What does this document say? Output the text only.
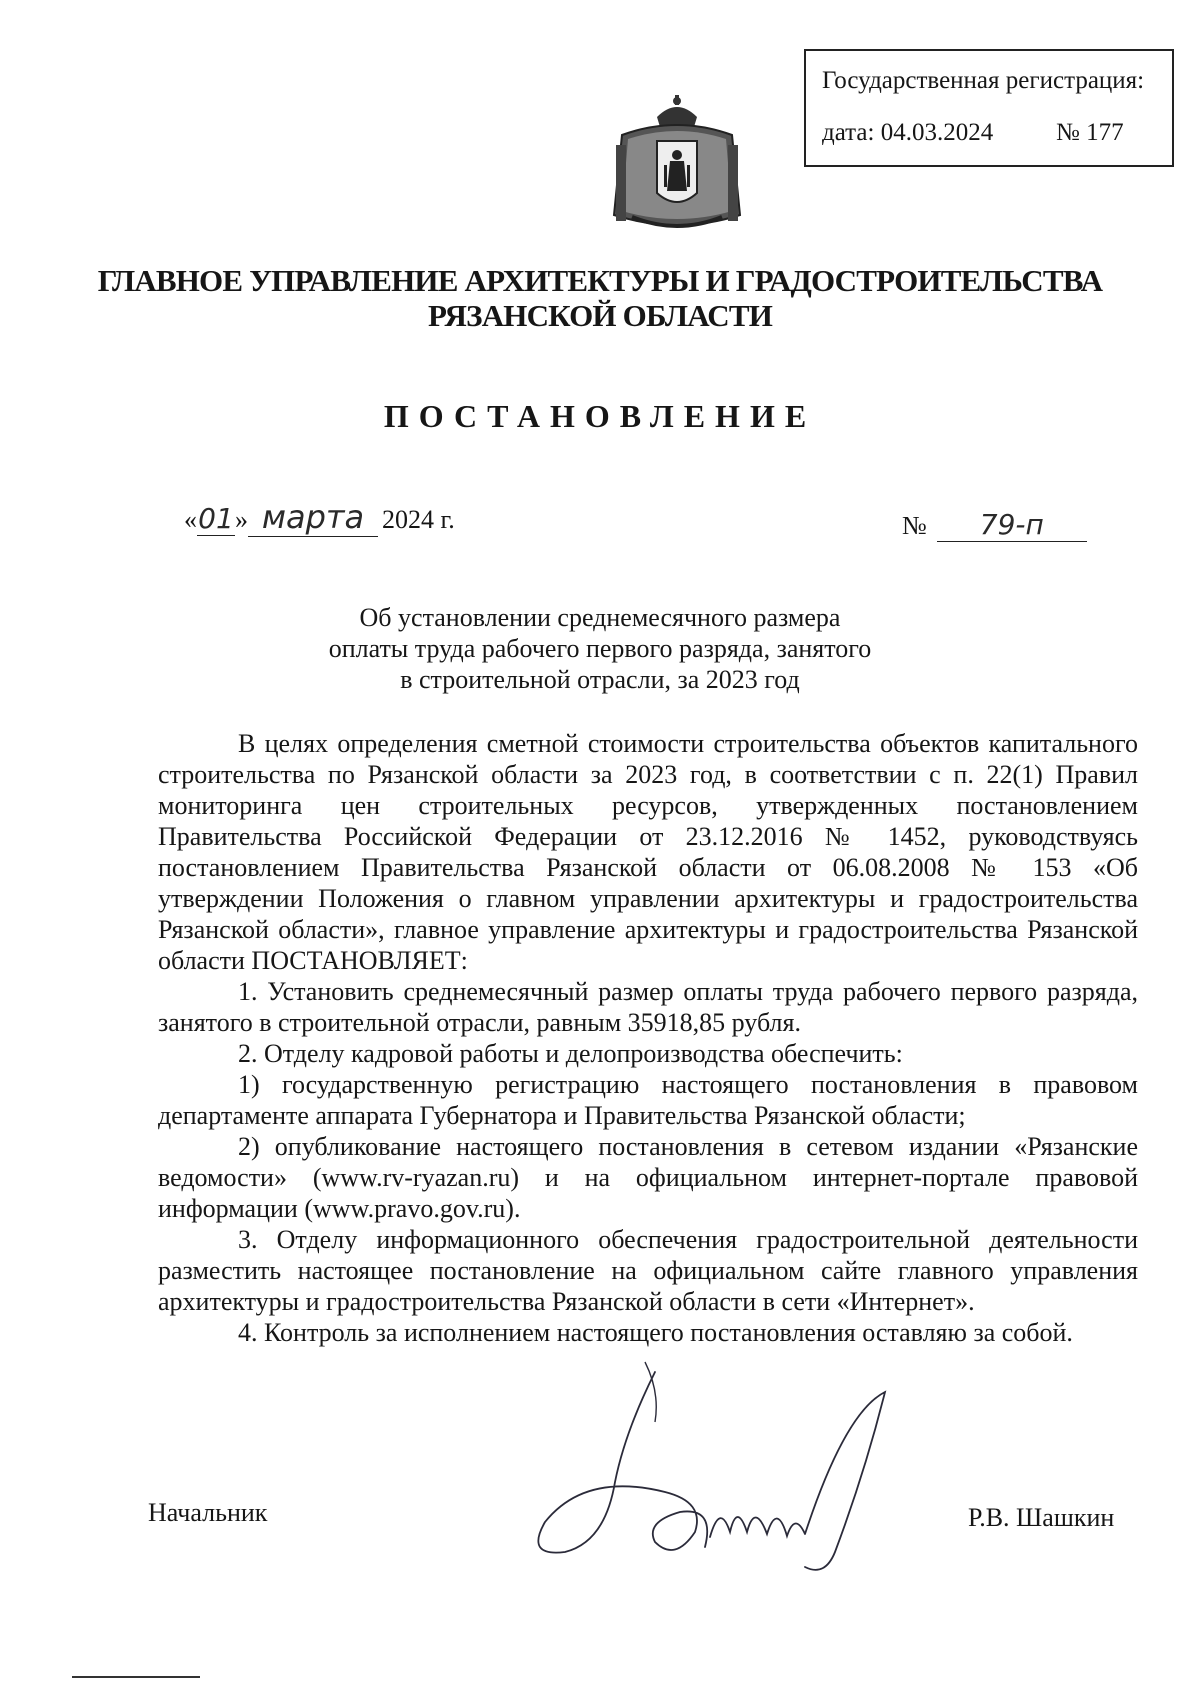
Государственная регистрация:
дата: 04.03.2024	№ 177
ГЛАВНОЕ УПРАВЛЕНИЕ АРХИТЕКТУРЫ И ГРАДОСТРОИТЕЛЬСТВА
РЯЗАНСКОЙ ОБЛАСТИ
ПОСТАНОВЛЕНИЕ
«01» марта 2024 г.	№ 79-п
Об установлении среднемесячного размера
оплаты труда рабочего первого разряда, занятого
в строительной отрасли, за 2023 год

В целях определения сметной стоимости строительства объектов капитального строительства по Рязанской области за 2023 год, в соответствии с п. 22(1) Правил мониторинга цен строительных ресурсов, утвержденных постановлением Правительства Российской Федерации от 23.12.2016 № 1452, руководствуясь постановлением Правительства Рязанской области от 06.08.2008 № 153 «Об утверждении Положения о главном управлении архитектуры и градостроительства Рязанской области», главное управление архитектуры и градостроительства Рязанской области ПОСТАНОВЛЯЕТ:

1. Установить среднемесячный размер оплаты труда рабочего первого разряда, занятого в строительной отрасли, равным 35918,85 рубля.

2. Отделу кадровой работы и делопроизводства обеспечить:

1) государственную регистрацию настоящего постановления в правовом департаменте аппарата Губернатора и Правительства Рязанской области;

2) опубликование настоящего постановления в сетевом издании «Рязанские ведомости» (www.rv-ryazan.ru) и на официальном интернет-портале правовой информации (www.pravo.gov.ru).

3. Отделу информационного обеспечения градостроительной деятельности разместить настоящее постановление на официальном сайте главного управления архитектуры и градостроительства Рязанской области в сети «Интернет».

4. Контроль за исполнением настоящего постановления оставляю за собой.

Начальник	Р.В. Шашкин
